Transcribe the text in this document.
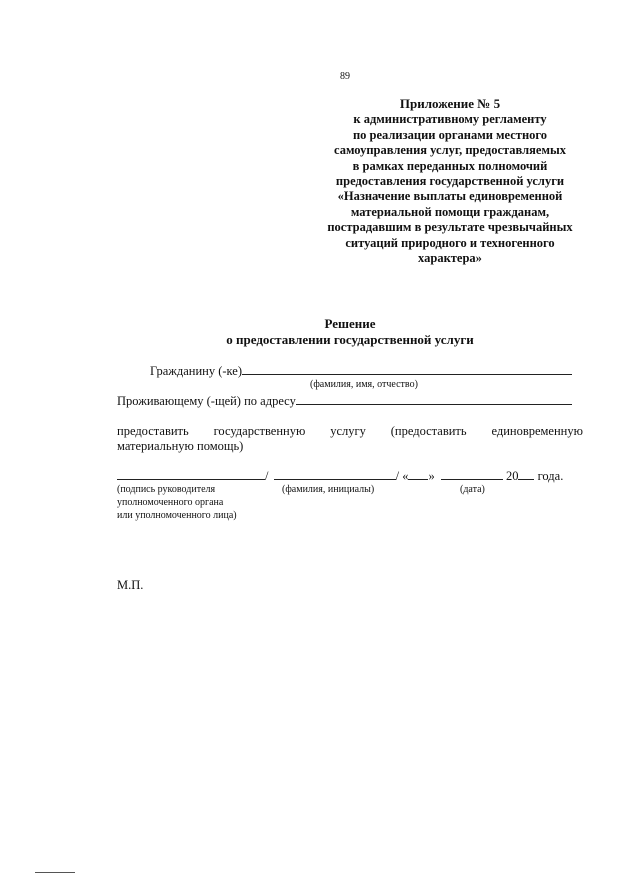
89
Приложение № 5
к административному регламенту
по реализации органами местного
самоуправления услуг, предоставляемых
в рамках переданных полномочий
предоставления государственной услуги
«Назначение выплаты единовременной
материальной помощи гражданам,
пострадавшим в результате чрезвычайных
ситуаций природного и техногенного
характера»
Решение
о предоставлении государственной услуги
Гражданину (-ке)
(фамилия, имя, отчество)
Проживающему (-щей) по адресу
предоставить государственную услугу (предоставить единовременную
материальную помощь)
/	/ « »	20 года.
(подпись руководителя	(фамилия, инициалы)	(дата)
уполномоченного органа
или уполномоченного лица)
М.П.
